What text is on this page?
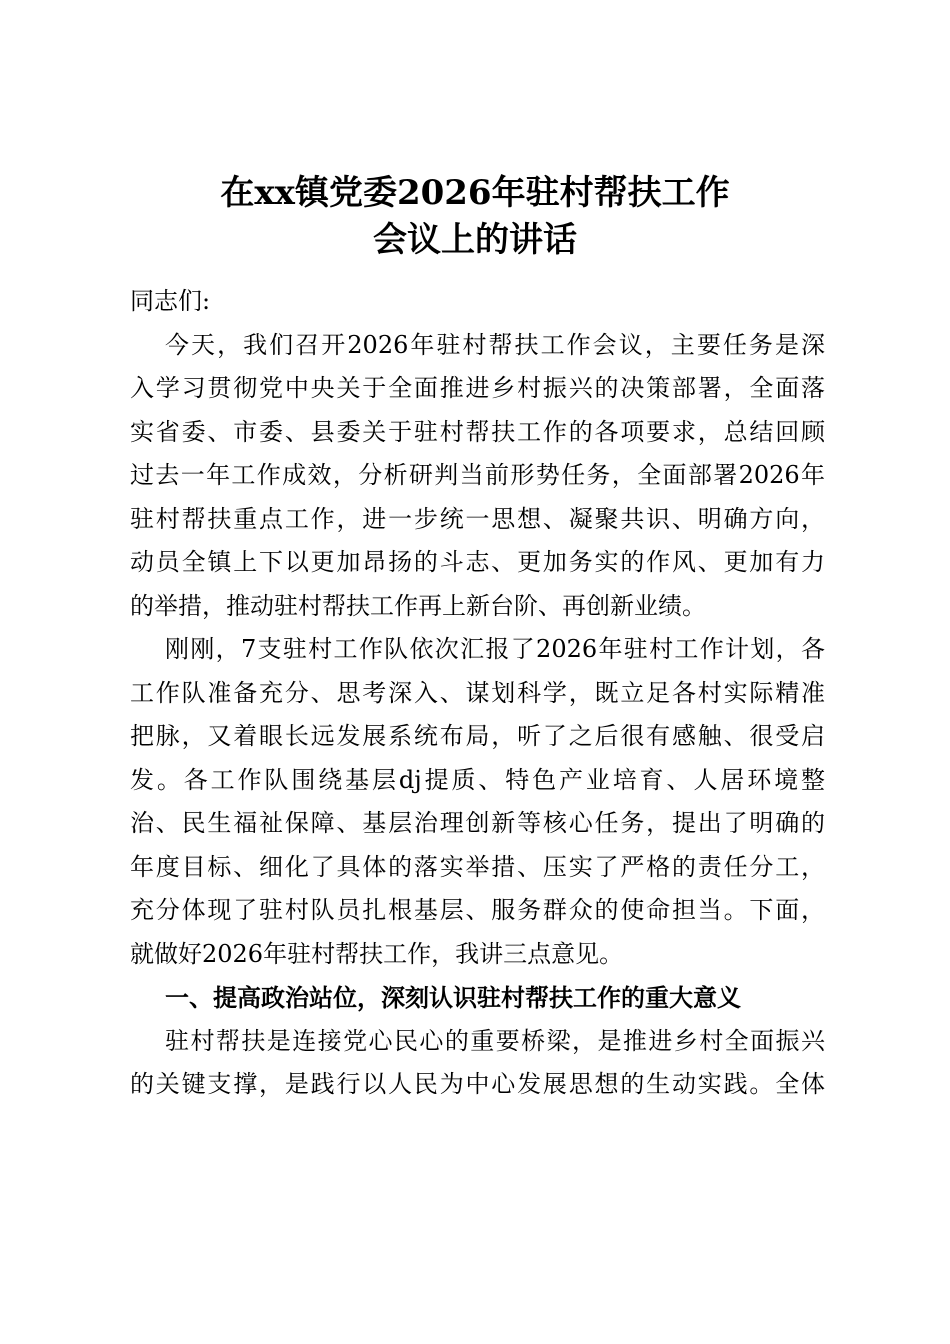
在xx镇党委2026年驻村帮扶工作
会议上的讲话
同志们:
今天，我们召开2026年驻村帮扶工作会议，主要任务是深
入学习贯彻党中央关于全面推进乡村振兴的决策部署，全面落
实省委、市委、县委关于驻村帮扶工作的各项要求，总结回顾
过去一年工作成效，分析研判当前形势任务，全面部署2026年
驻村帮扶重点工作，进一步统一思想、凝聚共识、明确方向，
动员全镇上下以更加昂扬的斗志、更加务实的作风、更加有力
的举措，推动驻村帮扶工作再上新台阶、再创新业绩。
刚刚，7支驻村工作队依次汇报了2026年驻村工作计划，各
工作队准备充分、思考深入、谋划科学，既立足各村实际精准
把脉，又着眼长远发展系统布局，听了之后很有感触、很受启
发。各工作队围绕基层dj提质、特色产业培育、人居环境整
治、民生福祉保障、基层治理创新等核心任务，提出了明确的
年度目标、细化了具体的落实举措、压实了严格的责任分工，
充分体现了驻村队员扎根基层、服务群众的使命担当。下面，
就做好2026年驻村帮扶工作，我讲三点意见。
一、提高政治站位，深刻认识驻村帮扶工作的重大意义
驻村帮扶是连接党心民心的重要桥梁，是推进乡村全面振兴
的关键支撑，是践行以人民为中心发展思想的生动实践。全体
